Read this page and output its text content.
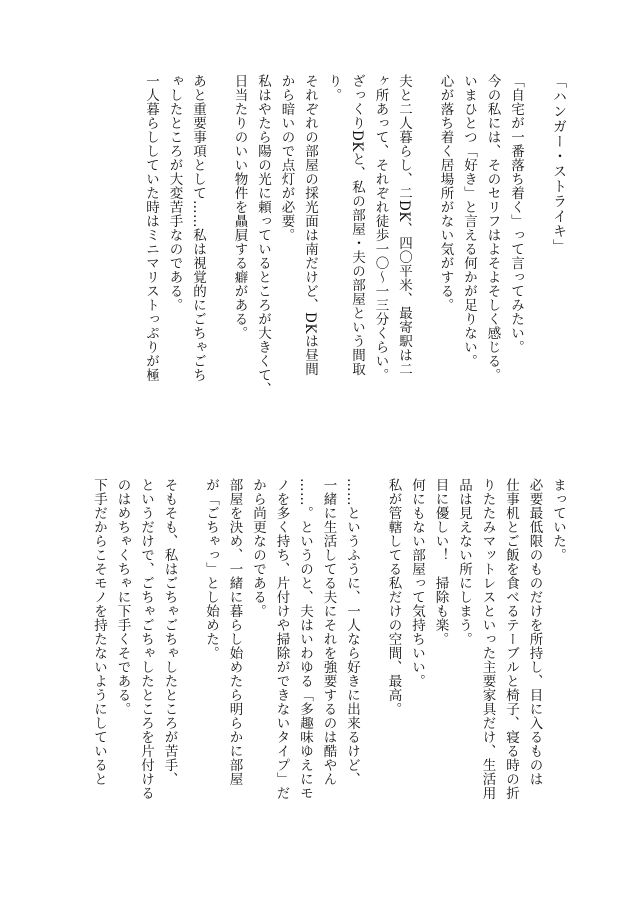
「ハンガー・ストライキ」

「自宅が一番落ち着く」って言ってみたい。

今の私には、そのセリフはよそよそしく感じる。

いまひとつ「好き」と言える何かが足りない。

心が落ち着く居場所がない気がする。

夫と二人暮らし、二DK、四〇平米、最寄駅は二

ヶ所あって、それぞれ徒歩一〇～一三分くらい。

ざっくりDKと、私の部屋・夫の部屋という間取

り。

それぞれの部屋の採光面は南だけど、DKは昼間

から暗いので点灯が必要。

私はやたら陽の光に頼っているところが大きくて、

日当たりのいい物件を贔屓する癖がある。

あと重要事項として……私は視覚的にごちゃごち

ゃしたところが大変苦手なのである。

一人暮らししていた時はミニマリストっぷりが極

まっていた。

必要最低限のものだけを所持し、目に入るものは

仕事机とご飯を食べるテーブルと椅子、寝る時の折

りたたみマットレスといった主要家具だけ、生活用

品は見えない所にしまう。

目に優しい！　掃除も楽。

何にもない部屋って気持ちいい。

私が管轄してる私だけの空間、最高。

……というふうに、一人なら好きに出来るけど、

一緒に生活してる夫にそれを強要するのは酷やん

……。というのと、夫はいわゆる「多趣味ゆえにモ

ノを多く持ち、片付けや掃除ができないタイプ」だ

から尚更なのである。

部屋を決め、一緒に暮らし始めたら明らかに部屋

が「ごちゃっ」とし始めた。

そもそも、私はごちゃごちゃしたところが苦手、

というだけで、ごちゃごちゃしたところを片付ける

のはめちゃくちゃに下手くそである。

下手だからこそモノを持たないようにしていると
